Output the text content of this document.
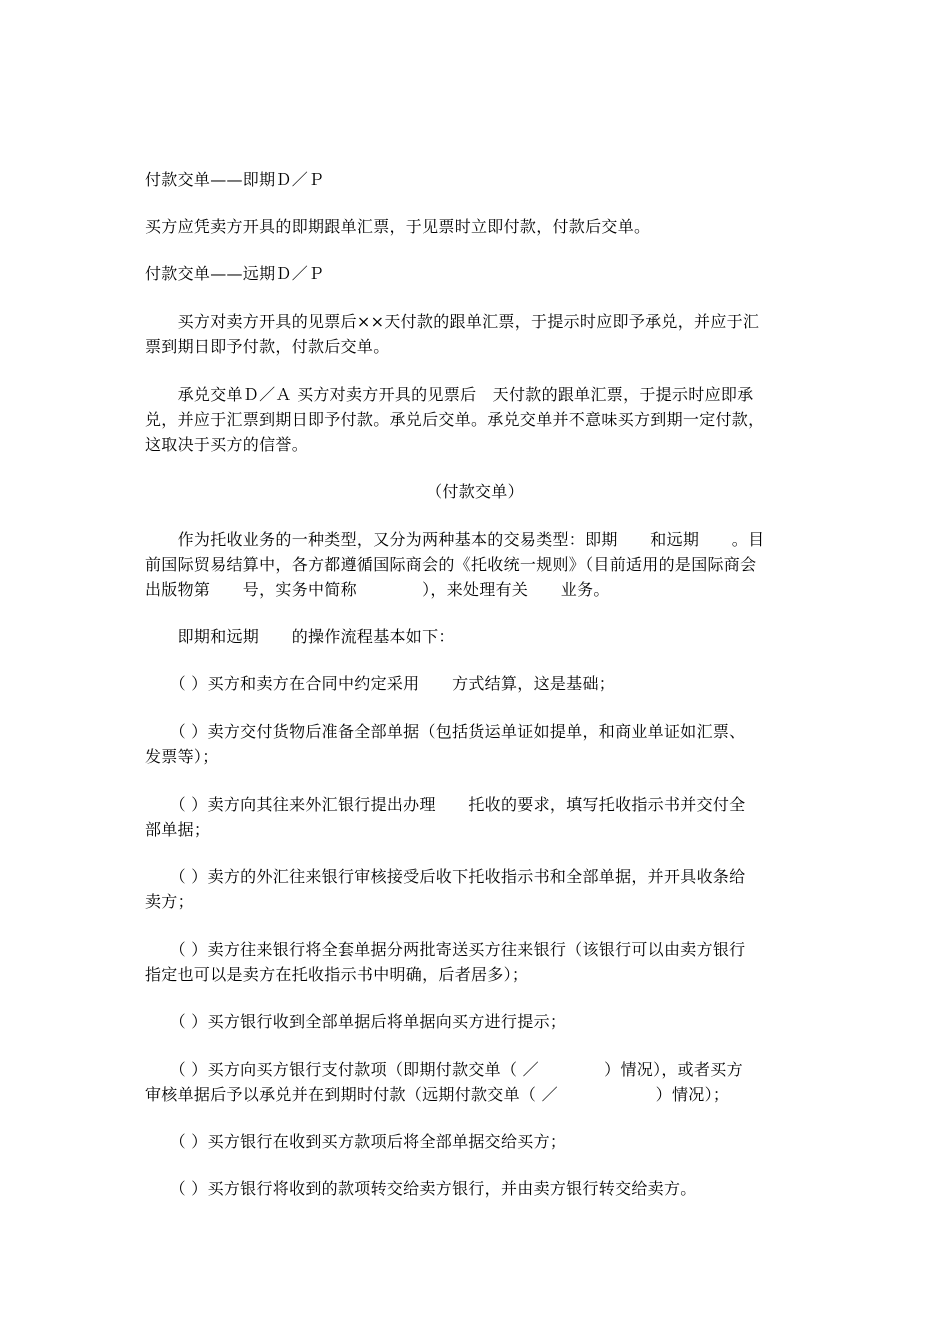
付款交单——即期Ｄ／Ｐ
买方应凭卖方开具的即期跟单汇票，于见票时立即付款，付款后交单。
付款交单——远期Ｄ／Ｐ
　　买方对卖方开具的见票后××天付款的跟单汇票，于提示时应即予承兑，并应于汇
票到期日即予付款，付款后交单。
　　承兑交单Ｄ／Ａ 买方对卖方开具的见票后　天付款的跟单汇票，于提示时应即承
兑，并应于汇票到期日即予付款。承兑后交单。承兑交单并不意味买方到期一定付款，
这取决于买方的信誉。
（付款交单）
　　作为托收业务的一种类型，又分为两种基本的交易类型：即期　　和远期　　。目
前国际贸易结算中，各方都遵循国际商会的《托收统一规则》（目前适用的是国际商会
出版物第　　号，实务中简称　　　　），来处理有关　　业务。
　　即期和远期　　的操作流程基本如下：
　　（ ）买方和卖方在合同中约定采用　　方式结算，这是基础；
　　（ ）卖方交付货物后准备全部单据（包括货运单证如提单，和商业单证如汇票、
发票等）；
　　（ ）卖方向其往来外汇银行提出办理　　托收的要求，填写托收指示书并交付全
部单据；
　　（ ）卖方的外汇往来银行审核接受后收下托收指示书和全部单据，并开具收条给
卖方；
　　（ ）卖方往来银行将全套单据分两批寄送买方往来银行（该银行可以由卖方银行
指定也可以是卖方在托收指示书中明确，后者居多）；
　　（ ）买方银行收到全部单据后将单据向买方进行提示；
　　（ ）买方向买方银行支付款项（即期付款交单（ ／　　　　）情况），或者买方
审核单据后予以承兑并在到期时付款（远期付款交单（ ／　　　　　　）情况）；
　　（ ）买方银行在收到买方款项后将全部单据交给买方；
　　（ ）买方银行将收到的款项转交给卖方银行，并由卖方银行转交给卖方。
